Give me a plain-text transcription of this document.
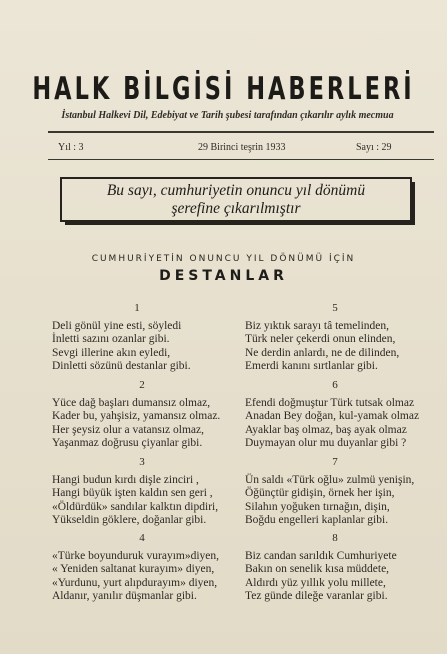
HALK BİLGİSİ HABERLERİ
İstanbul Halkevi Dil, Edebiyat ve Tarih şubesi tarafından çıkarılır aylık mecmua
Yıl : 3	29 Birinci teşrin 1933	Sayı : 29
Bu sayı, cumhuriyetin onuncu yıl dönümü
şerefine çıkarılmıştır
CUMHURİYETİN ONUNCU YIL DÖNÜMÜ İÇİN
DESTANLAR
1
Deli gönül yine esti, söyledi
İnletti sazını ozanlar gibi.
Sevgi illerine akın eyledi,
Dinletti sözünü destanlar gibi.
2
Yüce dağ başları dumansız olmaz,
Kader bu, yahşisiz, yamansız olmaz.
Her şeysiz olur a vatansız olmaz,
Yaşanmaz doğrusu çiyanlar gibi.
3
Hangi budun kırdı dişle zinciri ,
Hangi büyük işten kaldın sen geri ,
«Öldürdük» sandılar kalktın dipdiri,
Yükseldin göklere, doğanlar gibi.
4
«Türke boyunduruk vurayım»diyen,
« Yeniden saltanat kurayım» diyen,
«Yurdunu, yurt alıpdurayım» diyen,
Aldanır, yanılır düşmanlar gibi.
5
Biz yıktık sarayı tâ temelinden,
Türk neler çekerdi onun elinden,
Ne derdin anlardı, ne de dilinden,
Emerdi kanını sırtlanlar gibi.
6
Efendi doğmuştur Türk tutsak olmaz
Anadan Bey doğan, kul-yamak olmaz
Ayaklar baş olmaz, baş ayak olmaz
Duymayan olur mu duyanlar gibi ?
7
Ün saldı «Türk oğlu» zulmü yenişin,
Öğünçtür gidişin, örnek her işin,
Silahın yoğuken tırnağın, dişin,
Boğdu engelleri kaplanlar gibi.
8
Biz candan sarıldık Cumhuriyete
Bakın on senelik kısa müddete,
Aldırdı yüz yıllık yolu millete,
Tez günde dileğe varanlar gibi.
